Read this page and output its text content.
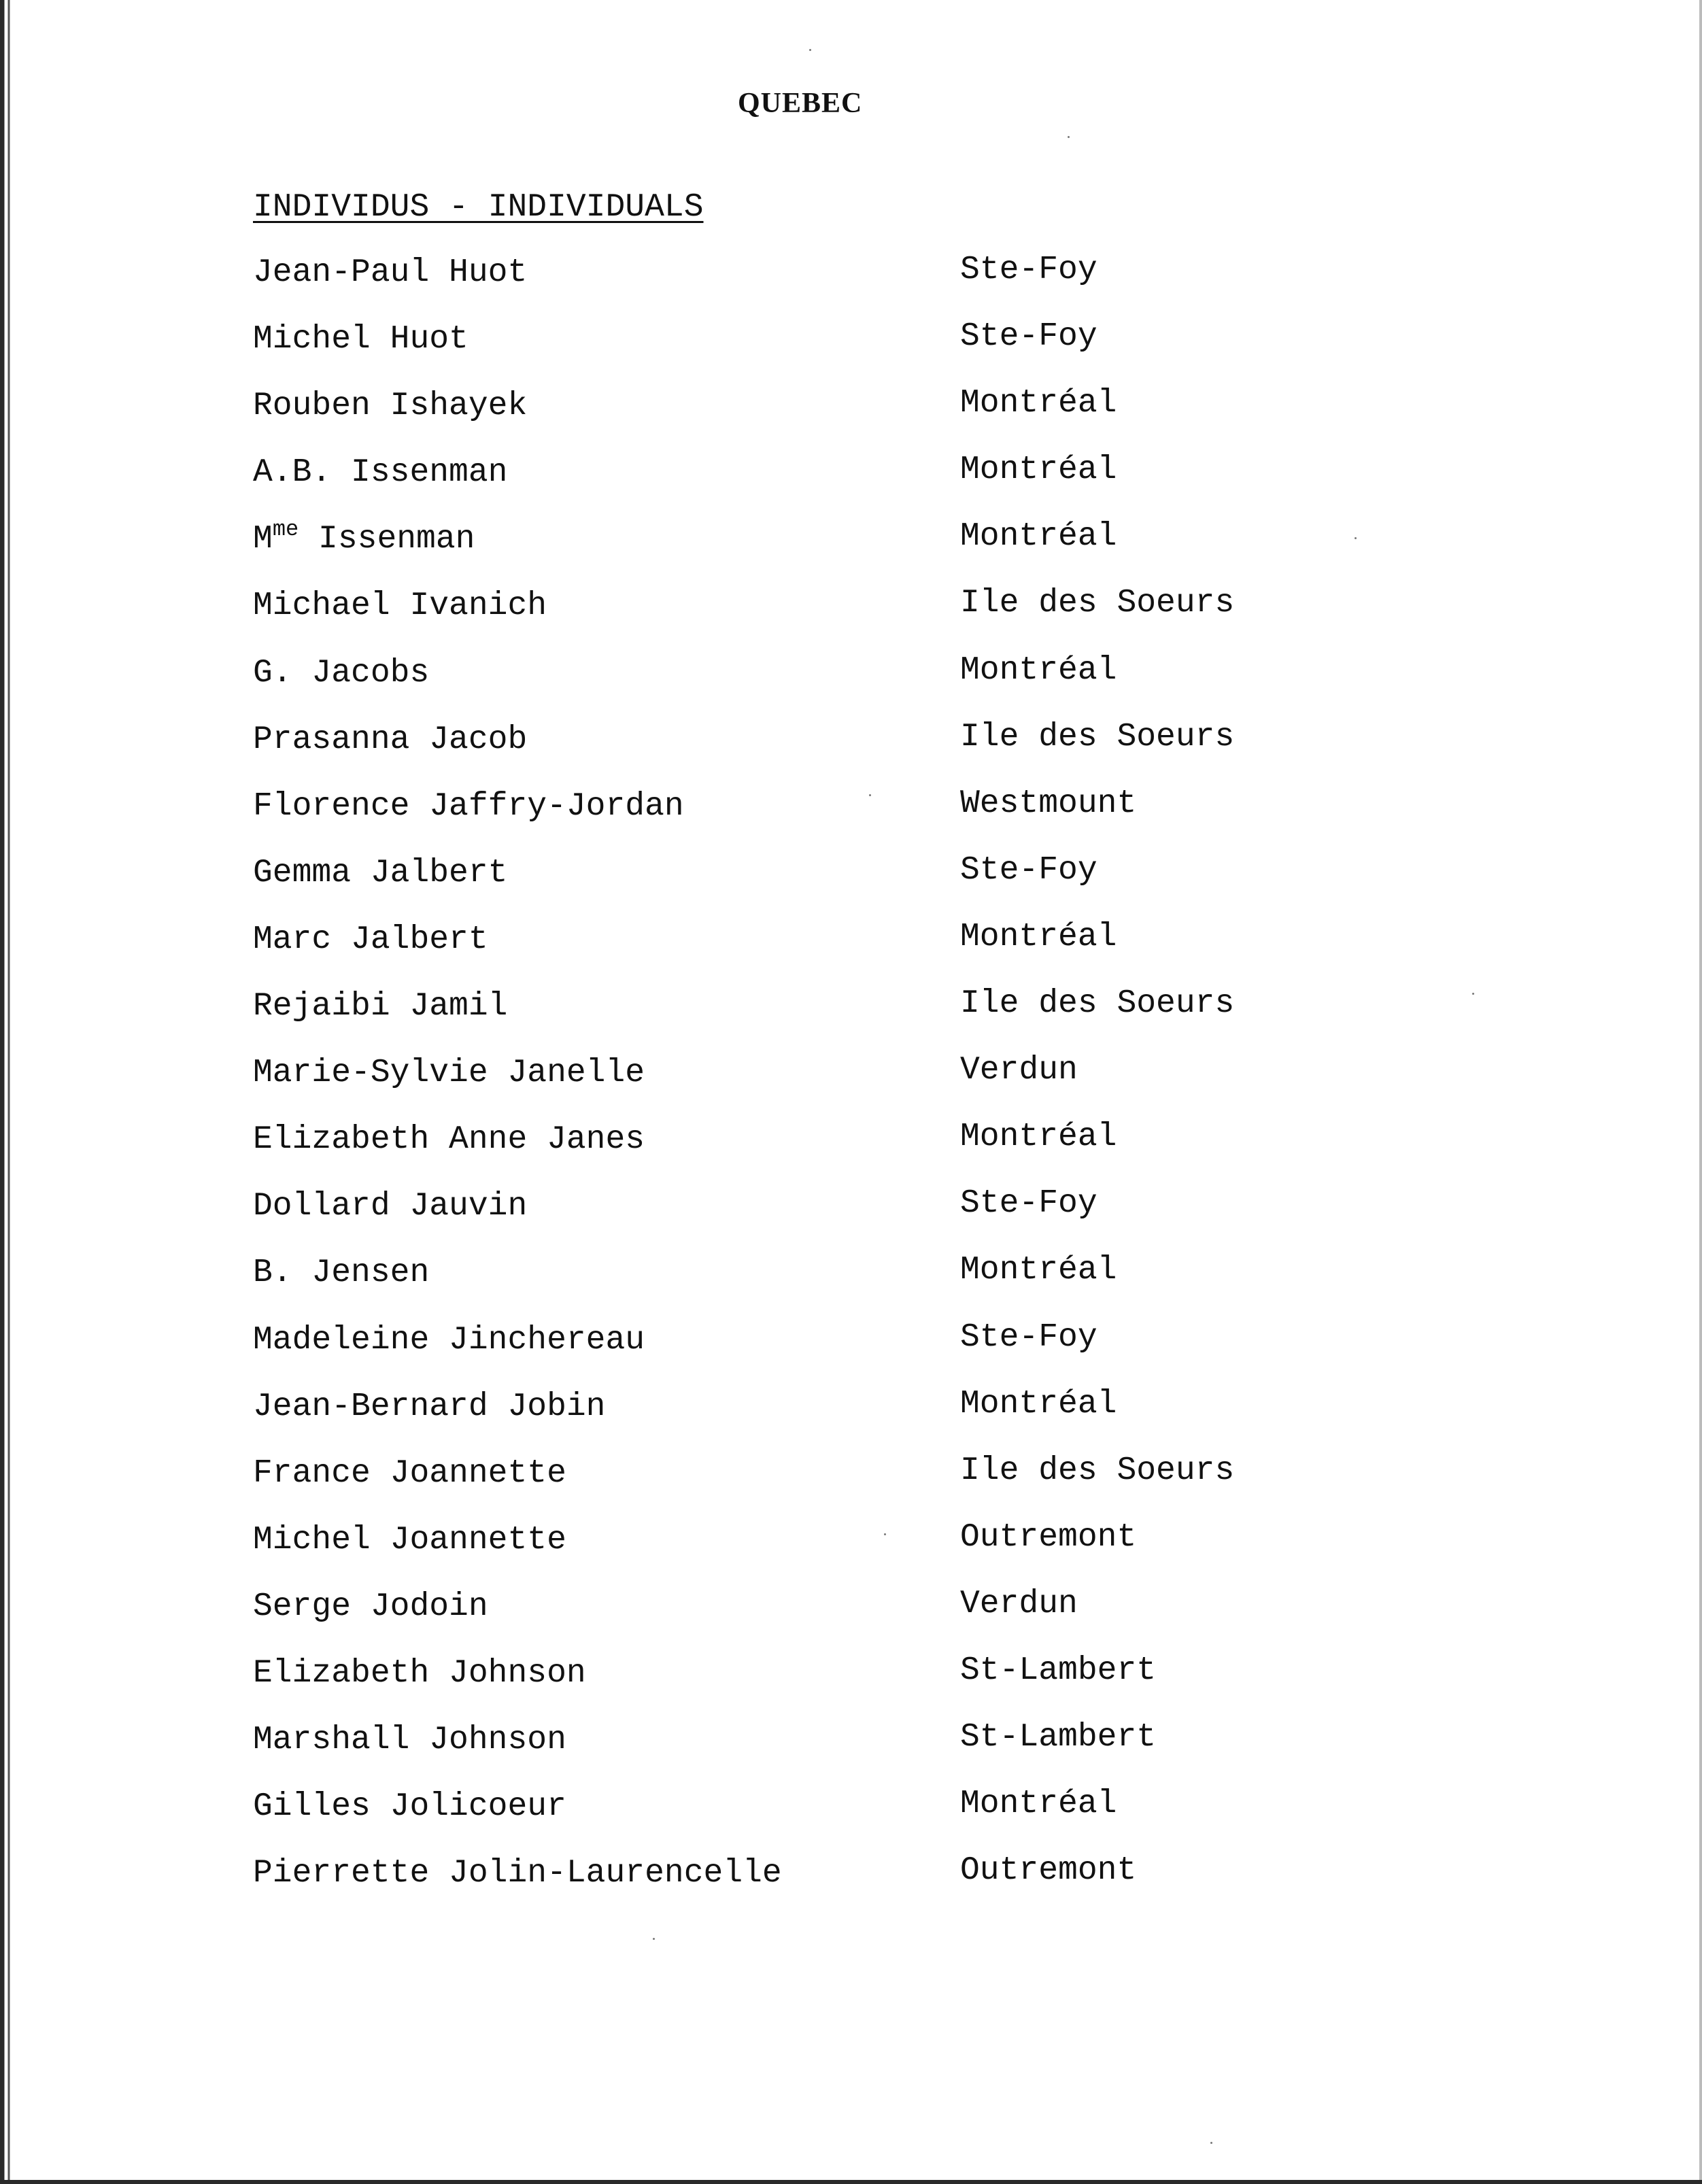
QUEBEC
INDIVIDUS - INDIVIDUALS

Jean-Paul Huot

	Ste-Foy

Michel Huot

	Ste-Foy

Rouben Ishayek

	Montréal

A.B. Issenman

	Montréal

$M^{me}$ Issenman

	Montréal

Michael Ivanich

	Ile des Soeurs

G. Jacobs

	Montréal

Prasanna Jacob

	Ile des Soeurs

Florence Jaffry-Jordan

	Westmount

Gemma Jalbert

	Ste-Foy

Marc Jalbert

	Montréal

Rejaibi Jamil

	Ile des Soeurs

Marie-Sylvie Janelle

	Verdun

Elizabeth Anne Janes

	Montréal

Dollard Jauvin

	Ste-Foy

B. Jensen

	Montréal

Madeleine Jinchereau

	Ste-Foy

Jean-Bernard Jobin

	Montréal

France Joannette

	Ile des Soeurs

Michel Joannette

	Outremont

Serge Jodoin

	Verdun

Elizabeth Johnson

	St-Lambert

Marshall Johnson

	St-Lambert

Gilles Jolicoeur

	Montréal

Pierrette Jolin-Laurencelle

	Outremont
